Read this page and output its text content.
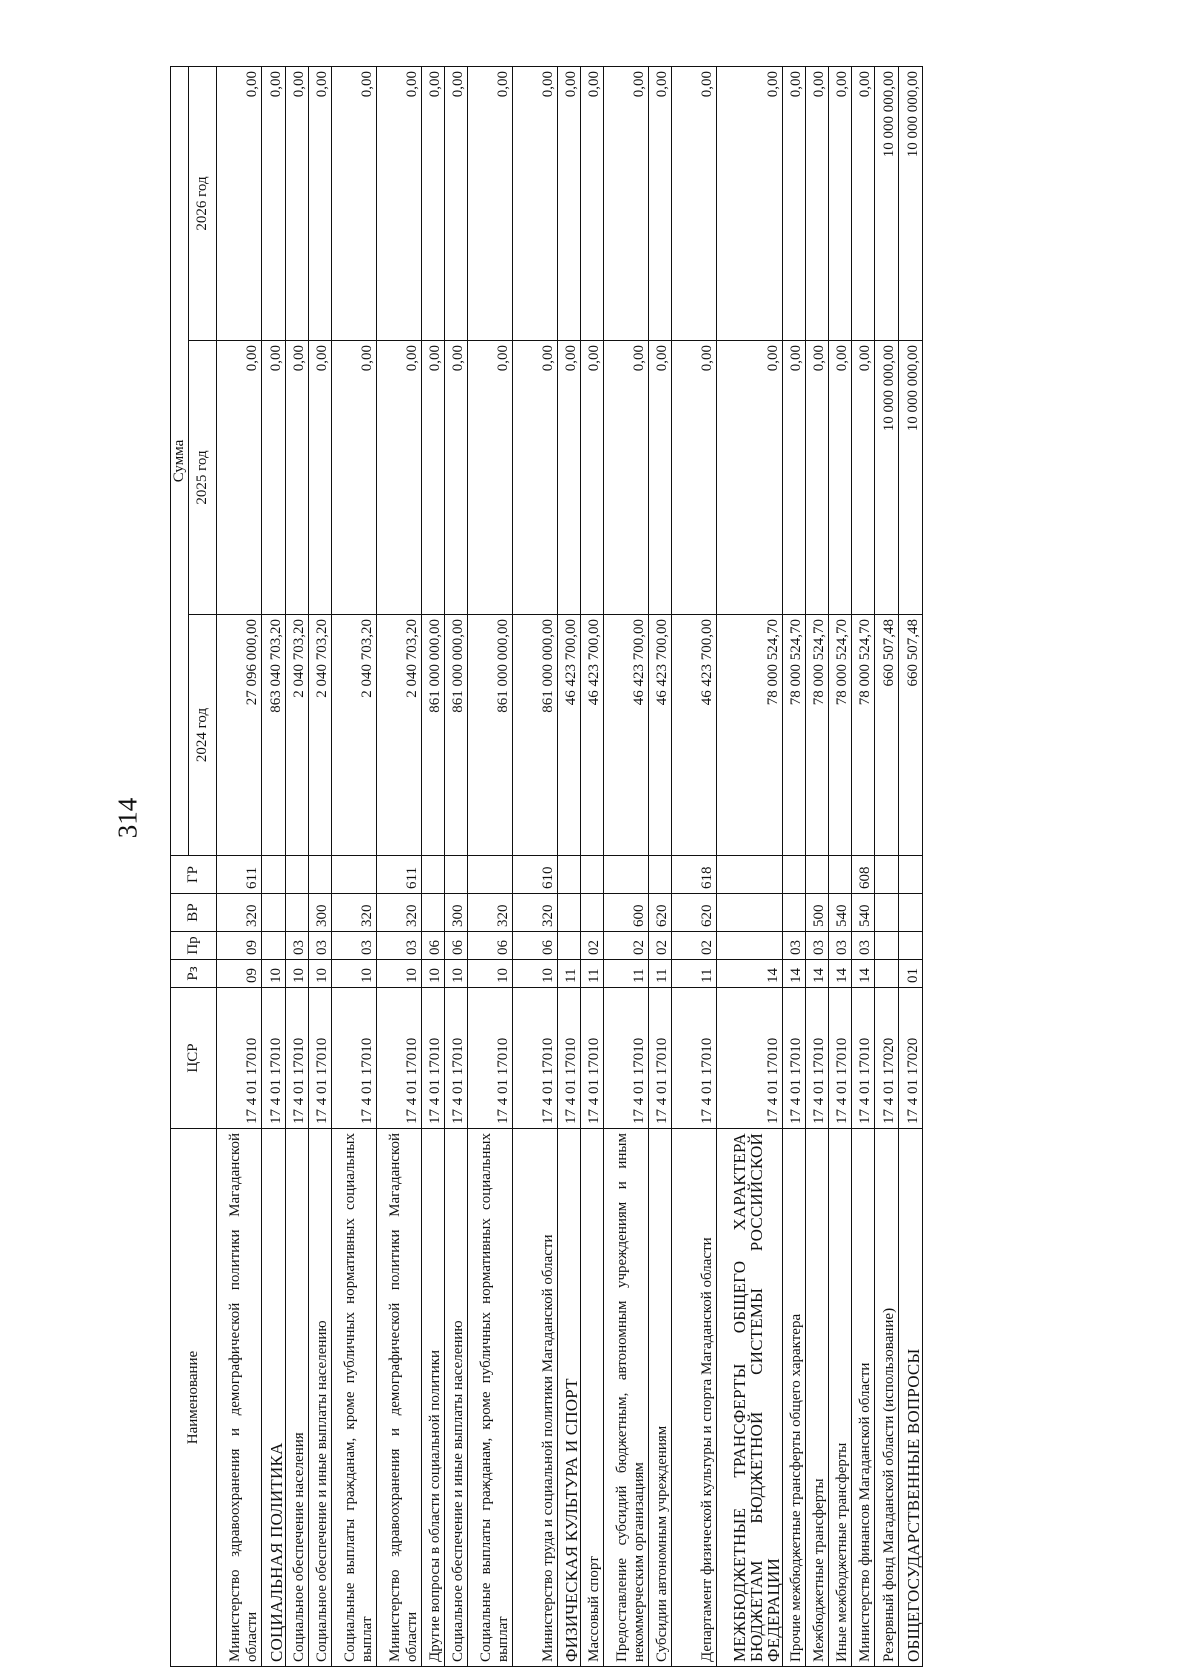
314
Наименование	ЦСР	Рз	Пр	ВР	ГР	Сумма		
						2024 год	2025 год	2026 год
Министерство здравоохранения и демографической политики Магаданской области	17 4 01 17010	09	09	320	611	27 096 000,00	0,00	0,00
СОЦИАЛЬНАЯ ПОЛИТИКА	17 4 01 17010	10				863 040 703,20	0,00	0,00
Социальное обеспечение населения	17 4 01 17010	10	03			2 040 703,20	0,00	0,00
Социальное обеспечение и иные выплаты населению	17 4 01 17010	10	03	300		2 040 703,20	0,00	0,00
Социальные выплаты гражданам, кроме публичных нормативных социальных выплат	17 4 01 17010	10	03	320		2 040 703,20	0,00	0,00
Министерство здравоохранения и демографической политики Магаданской области	17 4 01 17010	10	03	320	611	2 040 703,20	0,00	0,00
Другие вопросы в области социальной политики	17 4 01 17010	10	06			861 000 000,00	0,00	0,00
Социальное обеспечение и иные выплаты населению	17 4 01 17010	10	06	300		861 000 000,00	0,00	0,00
Социальные выплаты гражданам, кроме публичных нормативных социальных выплат	17 4 01 17010	10	06	320		861 000 000,00	0,00	0,00
Министерство труда и социальной политики Магаданской области	17 4 01 17010	10	06	320	610	861 000 000,00	0,00	0,00
ФИЗИЧЕСКАЯ КУЛЬТУРА И СПОРТ	17 4 01 17010	11				46 423 700,00	0,00	0,00
Массовый спорт	17 4 01 17010	11	02			46 423 700,00	0,00	0,00
Предоставление субсидий бюджетным, автономным учреждениям и иным некоммерческим организациям	17 4 01 17010	11	02	600		46 423 700,00	0,00	0,00
Субсидии автономным учреждениям	17 4 01 17010	11	02	620		46 423 700,00	0,00	0,00
Департамент физической культуры и спорта Магаданской области	17 4 01 17010	11	02	620	618	46 423 700,00	0,00	0,00
МЕЖБЮДЖЕТНЫЕ ТРАНСФЕРТЫ ОБЩЕГО ХАРАКТЕРА БЮДЖЕТАМ БЮДЖЕТНОЙ СИСТЕМЫ РОССИЙСКОЙ ФЕДЕРАЦИИ	17 4 01 17010	14				78 000 524,70	0,00	0,00
Прочие межбюджетные трансферты общего характера	17 4 01 17010	14	03			78 000 524,70	0,00	0,00
Межбюджетные трансферты	17 4 01 17010	14	03	500		78 000 524,70	0,00	0,00
Иные межбюджетные трансферты	17 4 01 17010	14	03	540		78 000 524,70	0,00	0,00
Министерство финансов Магаданской области	17 4 01 17010	14	03	540	608	78 000 524,70	0,00	0,00
Резервный фонд Магаданской области (использование)	17 4 01 17020					660 507,48	10 000 000,00	10 000 000,00
ОБЩЕГОСУДАРСТВЕННЫЕ ВОПРОСЫ	17 4 01 17020	01				660 507,48	10 000 000,00	10 000 000,00
